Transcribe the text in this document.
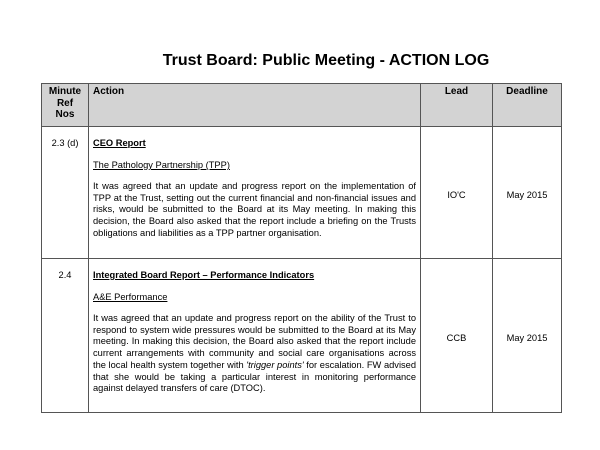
Trust Board: Public Meeting - ACTION LOG
Minute
Ref
Nos	Action	Lead	Deadline
2.3 (d)	CEO Report
The Pathology Partnership (TPP)
It was agreed that an update and progress report on the implementation of TPP at the Trust, setting out the current financial and non-financial issues and risks, would be submitted to the Board at its May meeting. In making this decision, the Board also asked that the report include a briefing on the Trusts obligations and liabilities as a TPP partner organisation.	IO'C	May 2015
2.4	Integrated Board Report – Performance Indicators
A&E Performance
It was agreed that an update and progress report on the ability of the Trust to respond to system wide pressures would be submitted to the Board at its May meeting. In making this decision, the Board also asked that the report include current arrangements with community and social care organisations across the local health system together with 'trigger points' for escalation. FW advised that she would be taking a particular interest in monitoring performance against delayed transfers of care (DTOC).	CCB	May 2015
